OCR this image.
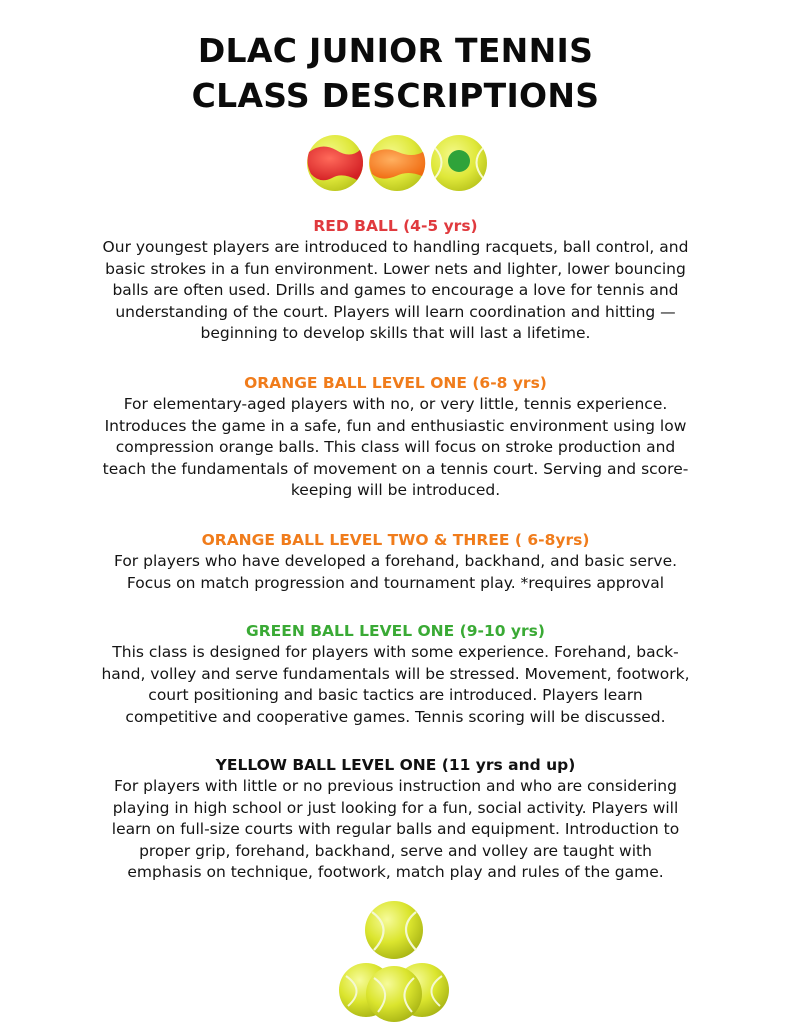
DLAC JUNIOR TENNIS
CLASS DESCRIPTIONS
RED BALL (4-5 yrs)
Our youngest players are introduced to handling racquets, ball control, and basic strokes in a fun environment. Lower nets and lighter, lower bouncing balls are often used. Drills and games to encourage a love for tennis and understanding of the court. Players will learn coordination and hitting — beginning to develop skills that will last a lifetime.
ORANGE BALL LEVEL ONE (6-8 yrs)
For elementary-aged players with no, or very little, tennis experience. Introduces the game in a safe, fun and enthusiastic environment using low compression orange balls. This class will focus on stroke production and teach the fundamentals of movement on a tennis court. Serving and score-keeping will be introduced.
ORANGE BALL LEVEL TWO & THREE ( 6-8yrs)
For players who have developed a forehand, backhand, and basic serve. Focus on match progression and tournament play. *requires approval
GREEN BALL LEVEL ONE (9-10 yrs)
This class is designed for players with some experience. Forehand, back-hand, volley and serve fundamentals will be stressed. Movement, footwork, court positioning and basic tactics are introduced. Players learn competitive and cooperative games. Tennis scoring will be discussed.
YELLOW BALL LEVEL ONE (11 yrs and up)
For players with little or no previous instruction and who are considering playing in high school or just looking for a fun, social activity. Players will learn on full-size courts with regular balls and equipment. Introduction to proper grip, forehand, backhand, serve and volley are taught with emphasis on technique, footwork, match play and rules of the game.
